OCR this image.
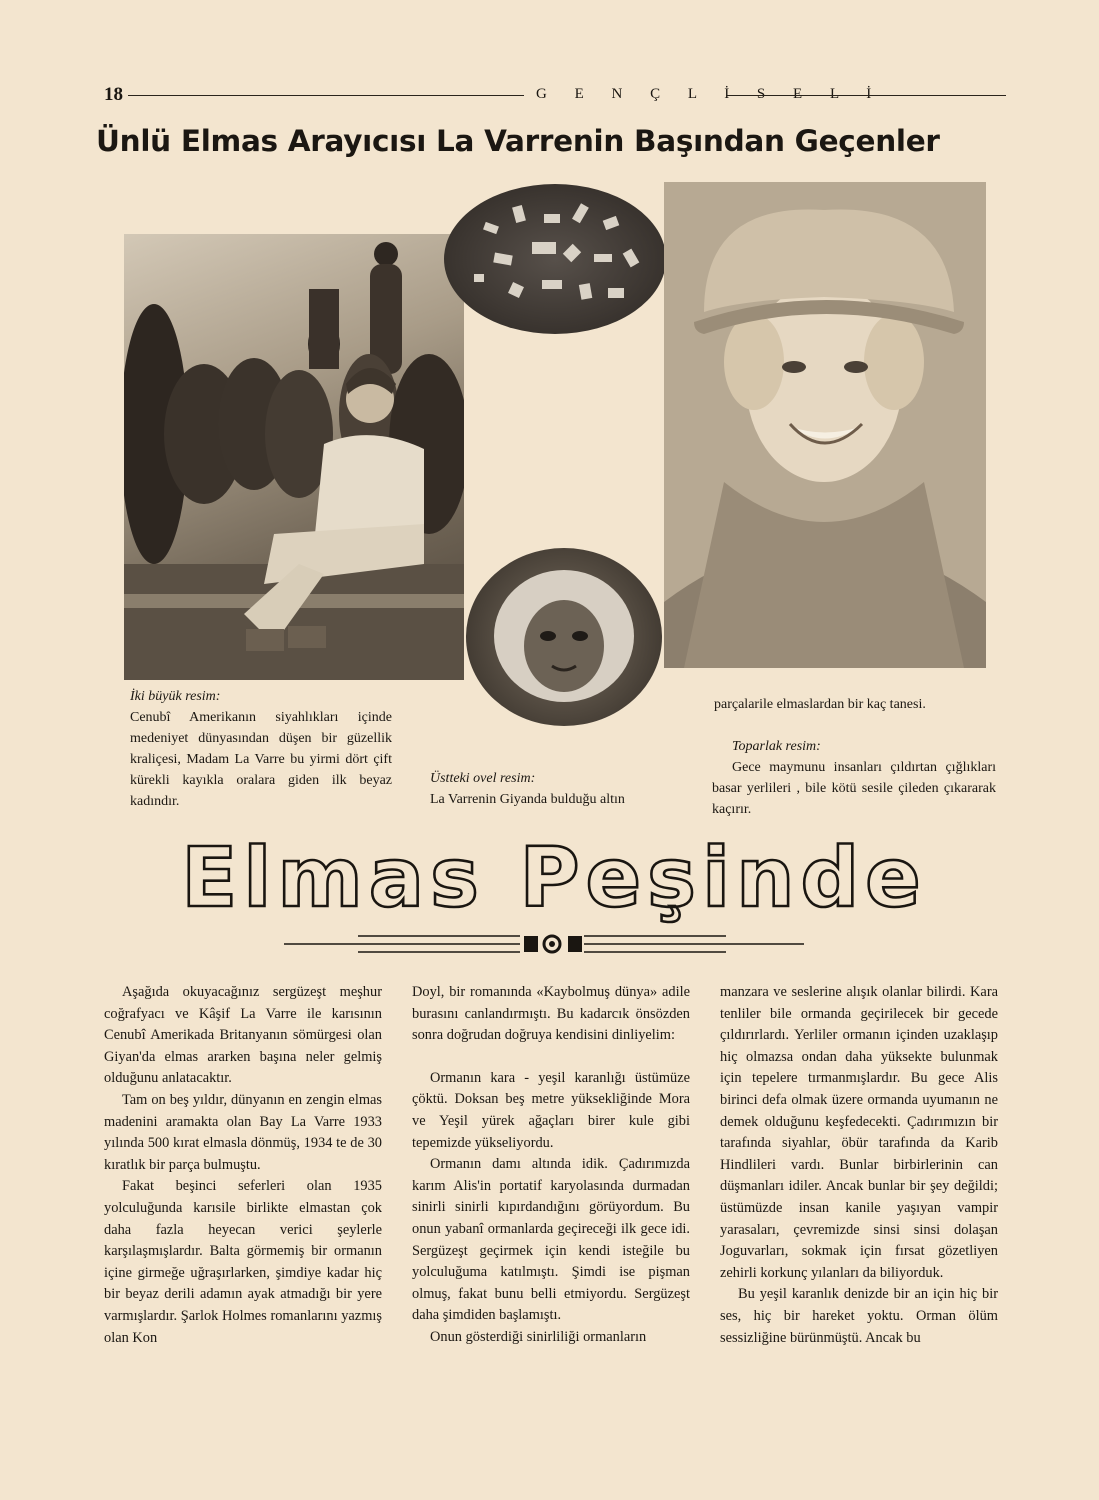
18	G E N Ç L İ S E L İ
Ünlü Elmas Arayıcısı La Varrenin Başından Geçenler
İki büyük resim:
Cenubî Amerikanın siyahlıkları içinde medeniyet dünyasından düşen bir güzellik kraliçesi, Madam La Varre bu yirmi dört çift kürekli kayıkla oralara giden ilk beyaz kadındır.
Üstteki ovel resim:
La Varrenin Giyanda bulduğu altın
parçalarile elmaslardan bir kaç tanesi.
Toparlak resim:
Gece maymunu insanları çıldırtan çığlıkları basar yerlileri , bile kötü sesile çileden çıkararak kaçırır.
Elmas Peşinde

Aşağıda okuyacağınız sergüzeşt meşhur coğrafyacı ve Kâşif La Varre ile karısının Cenubî Amerikada Britanyanın sömürgesi olan Giyan'da elmas ararken başına neler gelmiş olduğunu anlatacaktır.

Tam on beş yıldır, dünyanın en zengin elmas madenini aramakta olan Bay La Varre 1933 yılında 500 kırat elmasla dönmüş, 1934 te de 30 kıratlık bir parça bulmuştu.

Fakat beşinci seferleri olan 1935 yolculuğunda karısile birlikte elmastan çok daha fazla heyecan verici şeylerle karşılaşmışlardır. Balta görmemiş bir ormanın içine girmeğe uğraşırlarken, şimdiye kadar hiç bir beyaz derili adamın ayak atmadığı bir yere varmışlardır. Şarlok Holmes romanlarını yazmış olan Kon

Doyl, bir romanında «Kaybolmuş dünya» adile burasını canlandırmıştı. Bu kadarcık önsözden sonra doğrudan doğruya kendisini dinliyelim:

Ormanın kara - yeşil karanlığı üstümüze çöktü. Doksan beş metre yüksekliğinde Mora ve Yeşil yürek ağaçları birer kule gibi tepemizde yükseliyordu.

Ormanın damı altında idik. Çadırımızda karım Alis'in portatif karyolasında durmadan sinirli sinirli kıpırdandığını görüyordum. Bu onun yabanî ormanlarda geçireceği ilk gece idi. Sergüzeşt geçirmek için kendi isteğile bu yolculuğuma katılmıştı. Şimdi ise pişman olmuş, fakat bunu belli etmiyordu. Sergüzeşt daha şimdiden başlamıştı.

Onun gösterdiği sinirliliği ormanların

manzara ve seslerine alışık olanlar bilirdi. Kara tenliler bile ormanda geçirilecek bir gecede çıldırırlardı. Yerliler ormanın içinden uzaklaşıp hiç olmazsa ondan daha yüksekte bulunmak için tepelere tırmanmışlardır. Bu gece Alis birinci defa olmak üzere ormanda uyumanın ne demek olduğunu keşfedecekti. Çadırımızın bir tarafında siyahlar, öbür tarafında da Karib Hindlileri vardı. Bunlar birbirlerinin can düşmanları idiler. Ancak bunlar bir şey değildi; üstümüzde insan kanile yaşıyan vampir yarasaları, çevremizde sinsi sinsi dolaşan Joguvarları, sokmak için fırsat gözetliyen zehirli korkunç yılanları da biliyorduk.

Bu yeşil karanlık denizde bir an için hiç bir ses, hiç bir hareket yoktu. Orman ölüm sessizliğine bürünmüştü. Ancak bu
